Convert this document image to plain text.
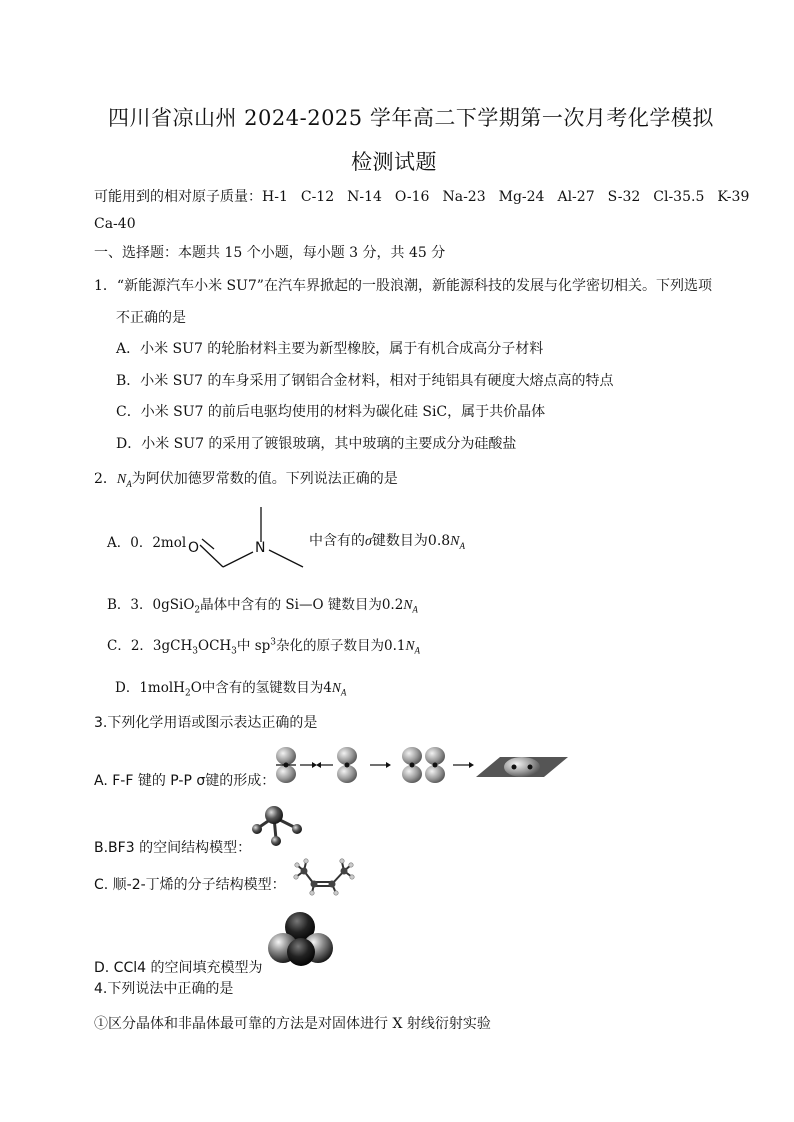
四川省凉山州 2024-2025 学年高二下学期第一次月考化学模拟
检测试题
可能用到的相对原子质量：H-1 C-12 N-14 O-16 Na-23 Mg-24 Al-27 S-32 Cl-35.5 K-39
Ca-40
一、选择题：本题共 15 个小题，每小题 3 分，共 45 分
1．“新能源汽车小米 SU7”在汽车界掀起的一股浪潮，新能源科技的发展与化学密切相关。下列选项
不正确的是
A．小米 SU7 的轮胎材料主要为新型橡胶，属于有机合成高分子材料
B．小米 SU7 的车身采用了钢铝合金材料，相对于纯铝具有硬度大熔点高的特点
C．小米 SU7 的前后电驱均使用的材料为碳化硅 SiC，属于共价晶体
D．小米 SU7 的采用了镀银玻璃，其中玻璃的主要成分为硅酸盐
2．$N_A$为阿伏加德罗常数的值。下列说法正确的是
A．0．2mol O	N	中含有的σ键数目为$0.8N_A$
B．3．0gSiO$_2$晶体中含有的 Si—O 键数目为$0.2N_A$
C．2．$3gCH_3OCH_3$中 $sp^3$杂化的原子数目为$0.1N_A$
D．1molH$_2$O中含有的氢键数目为$4N_A$
3.下列化学用语或图示表达正确的是
A. F-F 键的 P-P σ键的形成：
B.BF3 的空间结构模型：
C. 顺-2-丁烯的分子结构模型：
D. CCl4 的空间填充模型为
4.下列说法中正确的是
①区分晶体和非晶体最可靠的方法是对固体进行 X 射线衍射实验
